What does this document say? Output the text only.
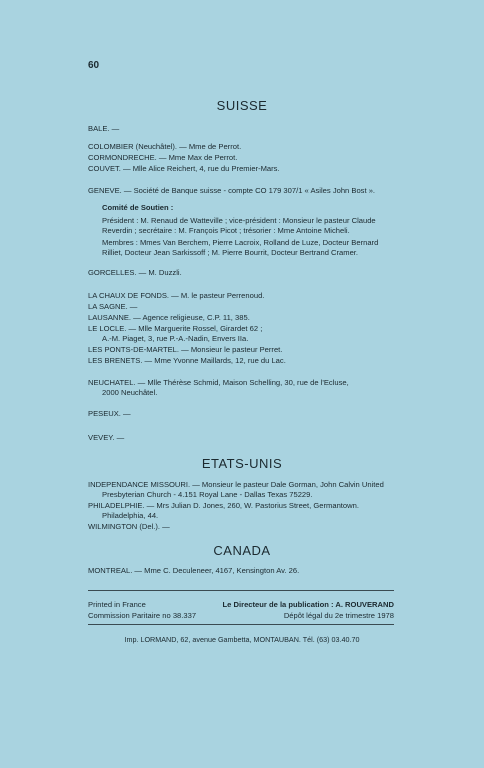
60
SUISSE
BALE. —
COLOMBIER (Neuchâtel). — Mme de Perrot.
CORMONDRECHE. — Mme Max de Perrot.
COUVET. — Mlle Alice Reichert, 4, rue du Premier-Mars.
GENEVE. — Société de Banque suisse - compte CO 179 307/1 « Asiles John Bost ».
Comité de Soutien :
Président : M. Renaud de Watteville ; vice-président : Monsieur le pasteur Claude
Reverdin ; secrétaire : M. François Picot ; trésorier : Mme Antoine Micheli.
Membres : Mmes Van Berchem, Pierre Lacroix, Rolland de Luze, Docteur Bernard
Rilliet, Docteur Jean Sarkissoff ; M. Pierre Bourrit, Docteur Bertrand Cramer.
GORCELLES. — M. Duzzli.
LA CHAUX DE FONDS. — M. le pasteur Perrenoud.
LA SAGNE. —
LAUSANNE. — Agence religieuse, C.P. 11, 385.
LE LOCLE. — Mlle Marguerite Rossel, Girardet 62 ;
A.-M. Piaget, 3, rue P.-A.-Nadin, Envers IIa.
LES PONTS-DE-MARTEL. — Monsieur le pasteur Perret.
LES BRENETS. — Mme Yvonne Maillards, 12, rue du Lac.
NEUCHATEL. — Mlle Thérèse Schmid, Maison Schelling, 30, rue de l'Ecluse,
2000 Neuchâtel.
PESEUX. —
VEVEY. —
ETATS-UNIS
INDEPENDANCE MISSOURI. — Monsieur le pasteur Dale Gorman, John Calvin United
Presbyterian Church - 4.151 Royal Lane - Dallas Texas 75229.
PHILADELPHIE. — Mrs Julian D. Jones, 260, W. Pastorius Street, Germantown.
Philadelphia, 44.
WILMINGTON (Del.). —
CANADA
MONTREAL. — Mme C. Deculeneer, 4167, Kensington Av. 26.
Printed in France
Commission Paritaire no 38.337
Le Directeur de la publication : A. ROUVERAND
Dépôt légal du 2e trimestre 1978
Imp. LORMAND, 62, avenue Gambetta, MONTAUBAN. Tél. (63) 03.40.70
